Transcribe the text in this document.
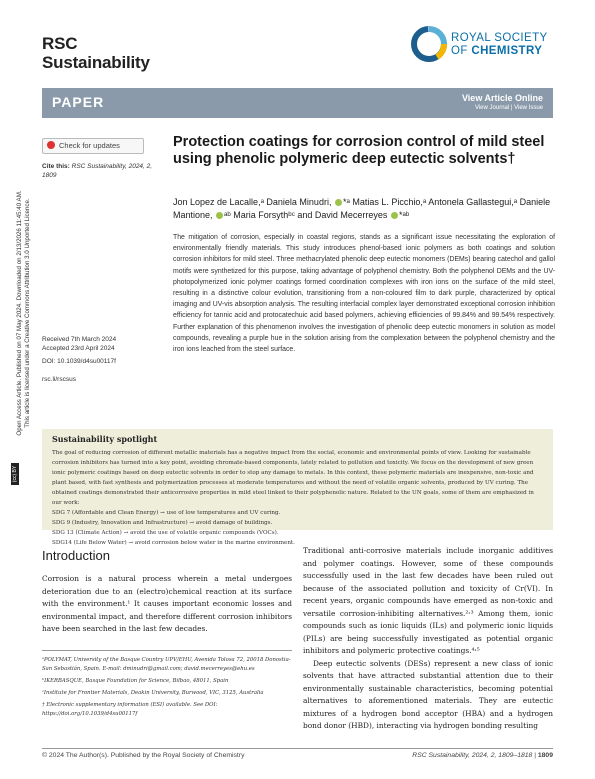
RSC
Sustainability
ROYAL SOCIETY
OF CHEMISTRY
PAPER	View Article Online
View Journal | View Issue
Open Access Article. Published on 07 May 2024. Downloaded on 2/13/2026 11:45:40 AM. This article is licensed under a Creative Commons Attribution 3.0 Unported Licence.
(cc) BY
Check for updates
Cite this: RSC Sustainability, 2024, 2, 1809
Received 7th March 2024
Accepted 23rd April 2024
DOI: 10.1039/d4su00117f
rsc.li/rscsus
Protection coatings for corrosion control of mild steel using phenolic polymeric deep eutectic solvents†
Jon Lopez de Lacalle,ᵃ Daniela Minudri, *ᵃ Matias L. Picchio,ᵃ Antonela Gallastegui,ᵃ Daniele Mantione, ᵃᵇ Maria Forsythᵇᶜ and David Mecerreyes *ᵃᵇ
The mitigation of corrosion, especially in coastal regions, stands as a significant issue necessitating the exploration of environmentally friendly materials. This study introduces phenol-based ionic polymers as both coatings and solution corrosion inhibitors for mild steel. Three methacrylated phenolic deep eutectic monomers (DEMs) bearing catechol and gallol motifs were synthetized for this purpose, taking advantage of polyphenol chemistry. Both the polyphenol DEMs and the UV-photopolymerized ionic polymer coatings formed coordination complexes with iron ions on the surface of the mild steel, resulting in a distinctive colour evolution, transitioning from a non-coloured film to dark purple, characterized by optical imaging and UV-vis absorption analysis. The resulting interfacial complex layer demonstrated exceptional corrosion inhibition efficiency for tannic acid and protocatechuic acid based polymers, achieving efficiencies of 99.84% and 99.54% respectively. Further explanation of this phenomenon involves the investigation of phenolic deep eutectic monomers in solution as model compounds, revealing a purple hue in the solution arising from the complexation between the polyphenol chemistry and the iron ions leached from the steel surface.
Sustainability spotlight

The goal of reducing corrosion of different metallic materials has a negative impact from the social, economic and environmental points of view. Looking for sustainable corrosion inhibitors has turned into a key point, avoiding chromate-based components, lately related to pollution and toxicity. We focus on the development of new green ionic polymeric coatings based on deep eutectic solvents in order to stop any damage to metals. In this context, these polymeric materials are inexpensive, non-toxic and plant based, with fast synthesis and polymerization processes at moderate temperatures and without the need of volatile organic solvents, produced by UV curing. The obtained coatings demonstrated their anticorrosive properties in mild steel linked to their polyphenolic nature. Related to the UN goals, some of them are emphasized in our work:

SDG 7 (Affordable and Clean Energy) → use of low temperatures and UV curing.

SDG 9 (Industry, Innovation and Infrastructure) → avoid damage of buildings.

SDG 13 (Climate Action) → avoid the use of volatile organic compounds (VOCs).

SDG14 (Life Below Water) → avoid corrosion below water in the marine environment.

Introduction

Corrosion is a natural process wherein a metal undergoes deterioration due to an (electro)chemical reaction at its surface with the environment.¹ It causes important economic losses and environmental impact, and therefore different corrosion inhibitors have been searched in the last few decades.

ᵃPOLYMAT, University of the Basque Country UPV/EHU, Avenida Tolosa 72, 20018 Donostia-San Sebastián, Spain. E-mail: dminudri@gmail.com; david.mecerreyes@ehu.es

ᵇIKERBASQUE, Basque Foundation for Science, Bilbao, 48011, Spain

ᶜInstitute for Frontier Materials, Deakin University, Burwood, VIC, 3125, Australia

† Electronic supplementary information (ESI) available. See DOI: https://doi.org/10.1039/d4su00117f

Traditional anti-corrosive materials include inorganic additives and polymer coatings. However, some of these compounds successfully used in the last few decades have been ruled out because of the associated pollution and toxicity of Cr(VI). In recent years, organic compounds have emerged as non-toxic and versatile corrosion-inhibiting alternatives.²˒³ Among them, ionic compounds such as ionic liquids (ILs) and polymeric ionic liquids (PILs) are being successfully investigated as potential organic inhibitors and polymeric protective coatings.⁴˒⁵

Deep eutectic solvents (DESs) represent a new class of ionic solvents that have attracted substantial attention due to their environmentally sustainable characteristics, becoming potential alternatives to aforementioned materials. They are eutectic mixtures of a hydrogen bond acceptor (HBA) and a hydrogen bond donor (HBD), interacting via hydrogen bonding resulting

© 2024 The Author(s). Published by the Royal Society of Chemistry	RSC Sustainability, 2024, 2, 1809–1818 | 1809
